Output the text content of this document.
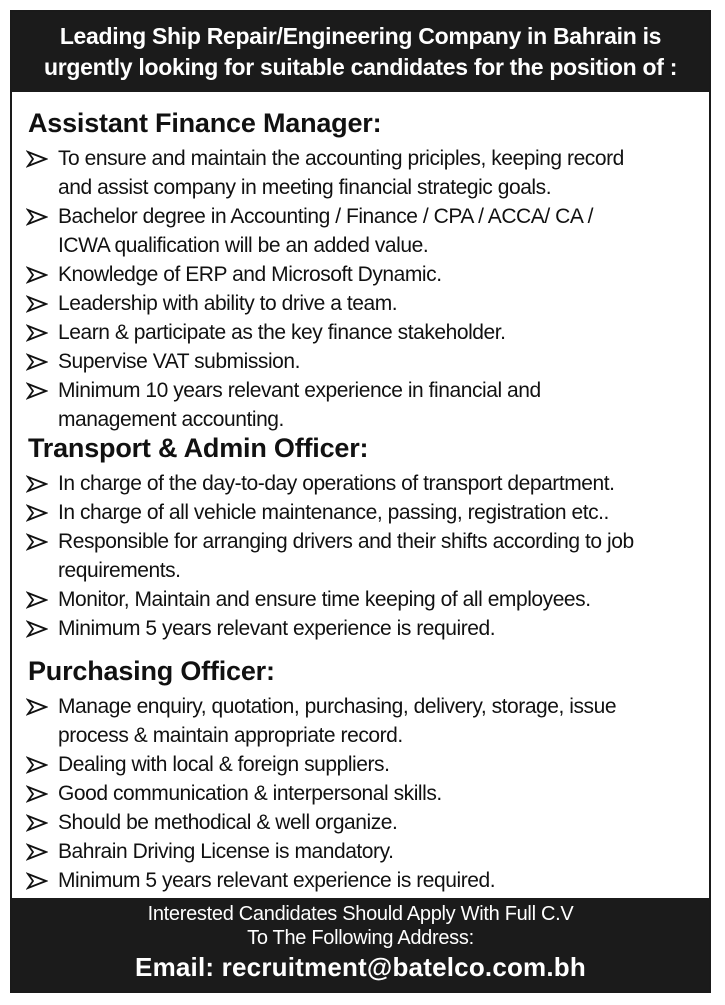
Leading Ship Repair/Engineering Company in Bahrain is
urgently looking for suitable candidates for the position of :
Assistant Finance Manager:
To ensure and maintain the accounting priciples, keeping record
and assist company in meeting financial strategic goals.
Bachelor degree in Accounting / Finance / CPA / ACCA/ CA /
ICWA qualification will be an added value.
Knowledge of ERP and Microsoft Dynamic.
Leadership with ability to drive a team.
Learn & participate as the key finance stakeholder.
Supervise VAT submission.
Minimum 10 years relevant experience in financial and
management accounting.
Transport & Admin Officer:
In charge of the day-to-day operations of transport department.
In charge of all vehicle maintenance, passing, registration etc..
Responsible for arranging drivers and their shifts according to job
requirements.
Monitor, Maintain and ensure time keeping of all employees.
Minimum 5 years relevant experience is required.
Purchasing Officer:
Manage enquiry, quotation, purchasing, delivery, storage, issue
process & maintain appropriate record.
Dealing with local & foreign suppliers.
Good communication & interpersonal skills.
Should be methodical & well organize.
Bahrain Driving License is mandatory.
Minimum 5 years relevant experience is required.
Interested Candidates Should Apply With Full C.V
To The Following Address:
Email: recruitment@batelco.com.bh
